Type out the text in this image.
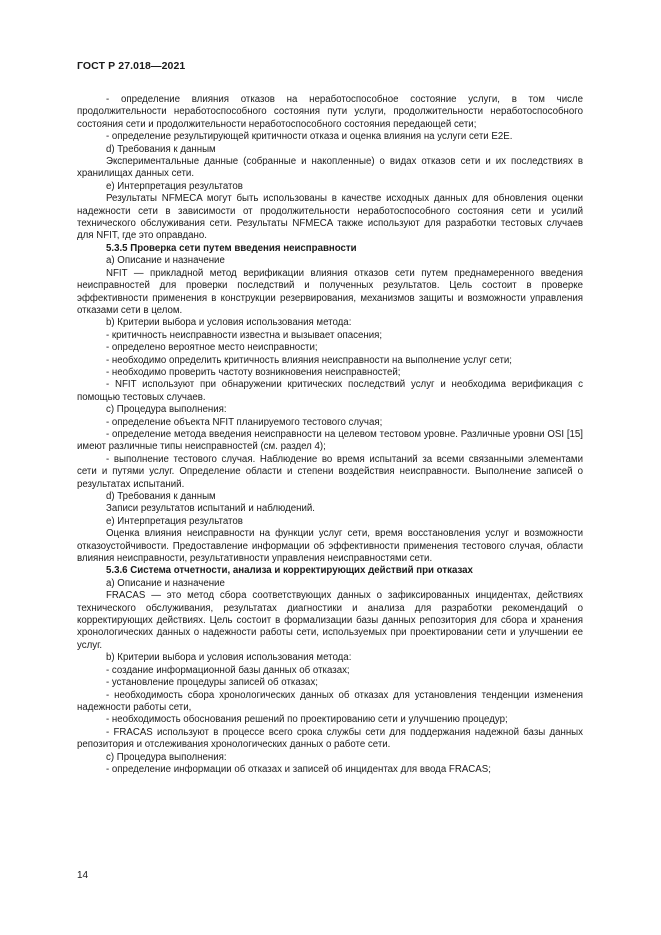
ГОСТ Р 27.018—2021

- определение влияния отказов на неработоспособное состояние услуги, в том числе продолжительности неработоспособного состояния пути услуги, продолжительности неработоспособного состояния сети и продолжительности неработоспособного состояния передающей сети;

- определение результирующей критичности отказа и оценка влияния на услуги сети E2E.

d) Требования к данным

Экспериментальные данные (собранные и накопленные) о видах отказов сети и их последствиях в хранилищах данных сети.

e) Интерпретация результатов

Результаты NFMECA могут быть использованы в качестве исходных данных для обновления оценки надежности сети в зависимости от продолжительности неработоспособного состояния сети и усилий технического обслуживания сети. Результаты NFMECA также используют для разработки тестовых случаев для NFIT, где это оправдано.

5.3.5 Проверка сети путем введения неисправности

a) Описание и назначение

NFIT — прикладной метод верификации влияния отказов сети путем преднамеренного введения неисправностей для проверки последствий и полученных результатов. Цель состоит в проверке эффективности применения в конструкции резервирования, механизмов защиты и возможности управления отказами сети в целом.

b) Критерии выбора и условия использования метода:

- критичность неисправности известна и вызывает опасения;

- определено вероятное место неисправности;

- необходимо определить критичность влияния неисправности на выполнение услуг сети;

- необходимо проверить частоту возникновения неисправностей;

- NFIT используют при обнаружении критических последствий услуг и необходима верификация с помощью тестовых случаев.

c) Процедура выполнения:

- определение объекта NFIT планируемого тестового случая;

- определение метода введения неисправности на целевом тестовом уровне. Различные уровни OSI [15] имеют различные типы неисправностей (см. раздел 4);

- выполнение тестового случая. Наблюдение во время испытаний за всеми связанными элементами сети и путями услуг. Определение области и степени воздействия неисправности. Выполнение записей о результатах испытаний.

d) Требования к данным

Записи результатов испытаний и наблюдений.

e) Интерпретация результатов

Оценка влияния неисправности на функции услуг сети, время восстановления услуг и возможности отказоустойчивости. Предоставление информации об эффективности применения тестового случая, области влияния неисправности, результативности управления неисправностями сети.

5.3.6 Система отчетности, анализа и корректирующих действий при отказах

a) Описание и назначение

FRACAS — это метод сбора соответствующих данных о зафиксированных инцидентах, действиях технического обслуживания, результатах диагностики и анализа для разработки рекомендаций о корректирующих действиях. Цель состоит в формализации базы данных репозитория для сбора и хранения хронологических данных о надежности работы сети, используемых при проектировании сети и улучшении ее услуг.

b) Критерии выбора и условия использования метода:

- создание информационной базы данных об отказах;

- установление процедуры записей об отказах;

- необходимость сбора хронологических данных об отказах для установления тенденции изменения надежности работы сети,

- необходимость обоснования решений по проектированию сети и улучшению процедур;

- FRACAS используют в процессе всего срока службы сети для поддержания надежной базы данных репозитория и отслеживания хронологических данных о работе сети.

c) Процедура выполнения:

- определение информации об отказах и записей об инцидентах для ввода FRACAS;

14
